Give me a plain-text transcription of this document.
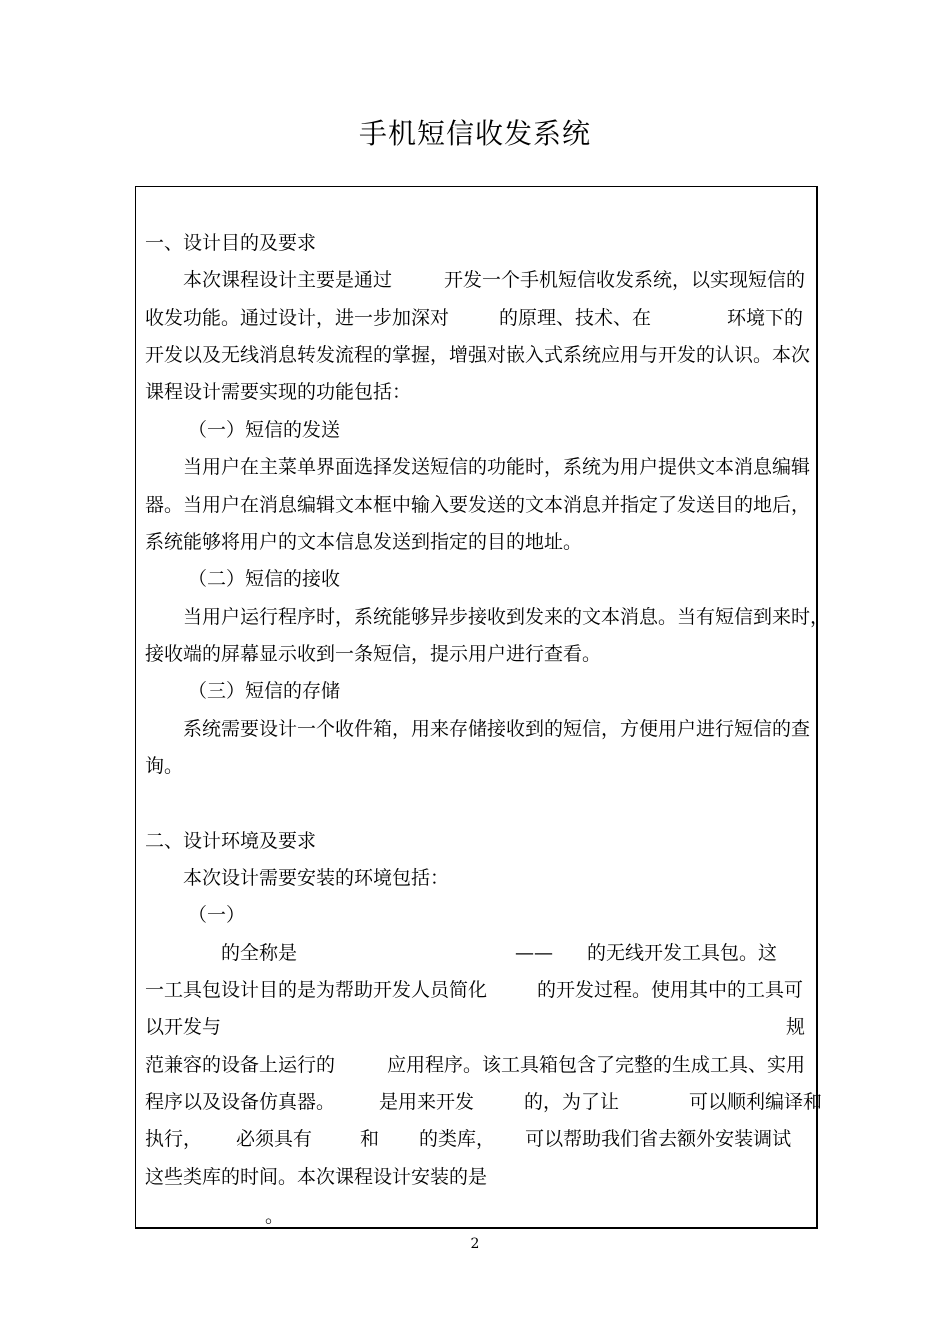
手机短信收发系统
一、设计目的及要求
本次课程设计主要是通过	开发一个手机短信收发系统，以实现短信的
收发功能。通过设计，进一步加深对	的原理、技术、在	环境下的
开发以及无线消息转发流程的掌握，增强对嵌入式系统应用与开发的认识。本次
课程设计需要实现的功能包括：
（一）短信的发送
当用户在主菜单界面选择发送短信的功能时，系统为用户提供文本消息编辑
器。当用户在消息编辑文本框中输入要发送的文本消息并指定了发送目的地后，
系统能够将用户的文本信息发送到指定的目的地址。
（二）短信的接收
当用户运行程序时，系统能够异步接收到发来的文本消息。当有短信到来时，
接收端的屏幕显示收到一条短信，提示用户进行查看。
（三）短信的存储
系统需要设计一个收件箱，用来存储接收到的短信，方便用户进行短信的查
询。
二、设计环境及要求
本次设计需要安装的环境包括：
（一）
的全称是	—— 的无线开发工具包。这
一工具包设计目的是为帮助开发人员简化	的开发过程。使用其中的工具可
以开发与	规
范兼容的设备上运行的	应用程序。该工具箱包含了完整的生成工具、实用
程序以及设备仿真器。 是用来开发	的，为了让	可以顺利编译和
执行， 必须具有	和 的类库， 可以帮助我们省去额外安装调试
这些类库的时间。本次课程设计安装的是
。
2
